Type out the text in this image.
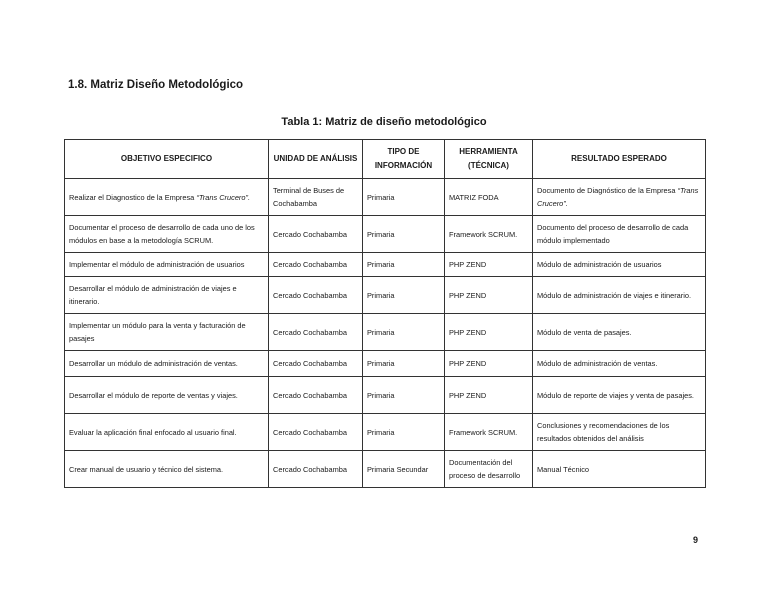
1.8. Matriz Diseño Metodológico

Tabla 1: Matriz de diseño metodológico

OBJETIVO ESPECIFICO	UNIDAD DE ANÁLISIS	TIPO DE INFORMACIÓN	HERRAMIENTA (TÉCNICA)	RESULTADO ESPERADO
Realizar el Diagnostico de la Empresa “Trans Crucero”.	Terminal de Buses de Cochabamba	Primaria	MATRIZ FODA	Documento de Diagnóstico de la Empresa “Trans Crucero”.
Documentar el proceso de desarrollo de cada uno de los módulos en base a la metodología SCRUM.	Cercado Cochabamba	Primaria	Framework SCRUM.	Documento del proceso de desarrollo de cada módulo implementado
Implementar el módulo de administración de usuarios	Cercado Cochabamba	Primaria	PHP ZEND	Módulo de administración de usuarios
Desarrollar el módulo de administración de viajes e itinerario.	Cercado Cochabamba	Primaria	PHP ZEND	Módulo de administración de viajes e itinerario.
Implementar un módulo para la venta y facturación de pasajes	Cercado Cochabamba	Primaria	PHP ZEND	Módulo de venta de pasajes.
Desarrollar un módulo de administración de ventas.	Cercado Cochabamba	Primaria	PHP ZEND	Módulo de administración de ventas.
Desarrollar el módulo de reporte de ventas y viajes.	Cercado Cochabamba	Primaria	PHP ZEND	Módulo de reporte de viajes y venta de pasajes.
Evaluar la aplicación final enfocado al usuario final.	Cercado Cochabamba	Primaria	Framework SCRUM.	Conclusiones y recomendaciones de los resultados obtenidos del análisis
Crear manual de usuario y técnico del sistema.	Cercado Cochabamba	Primaria Secundar	Documentación del proceso de desarrollo	Manual Técnico
9
